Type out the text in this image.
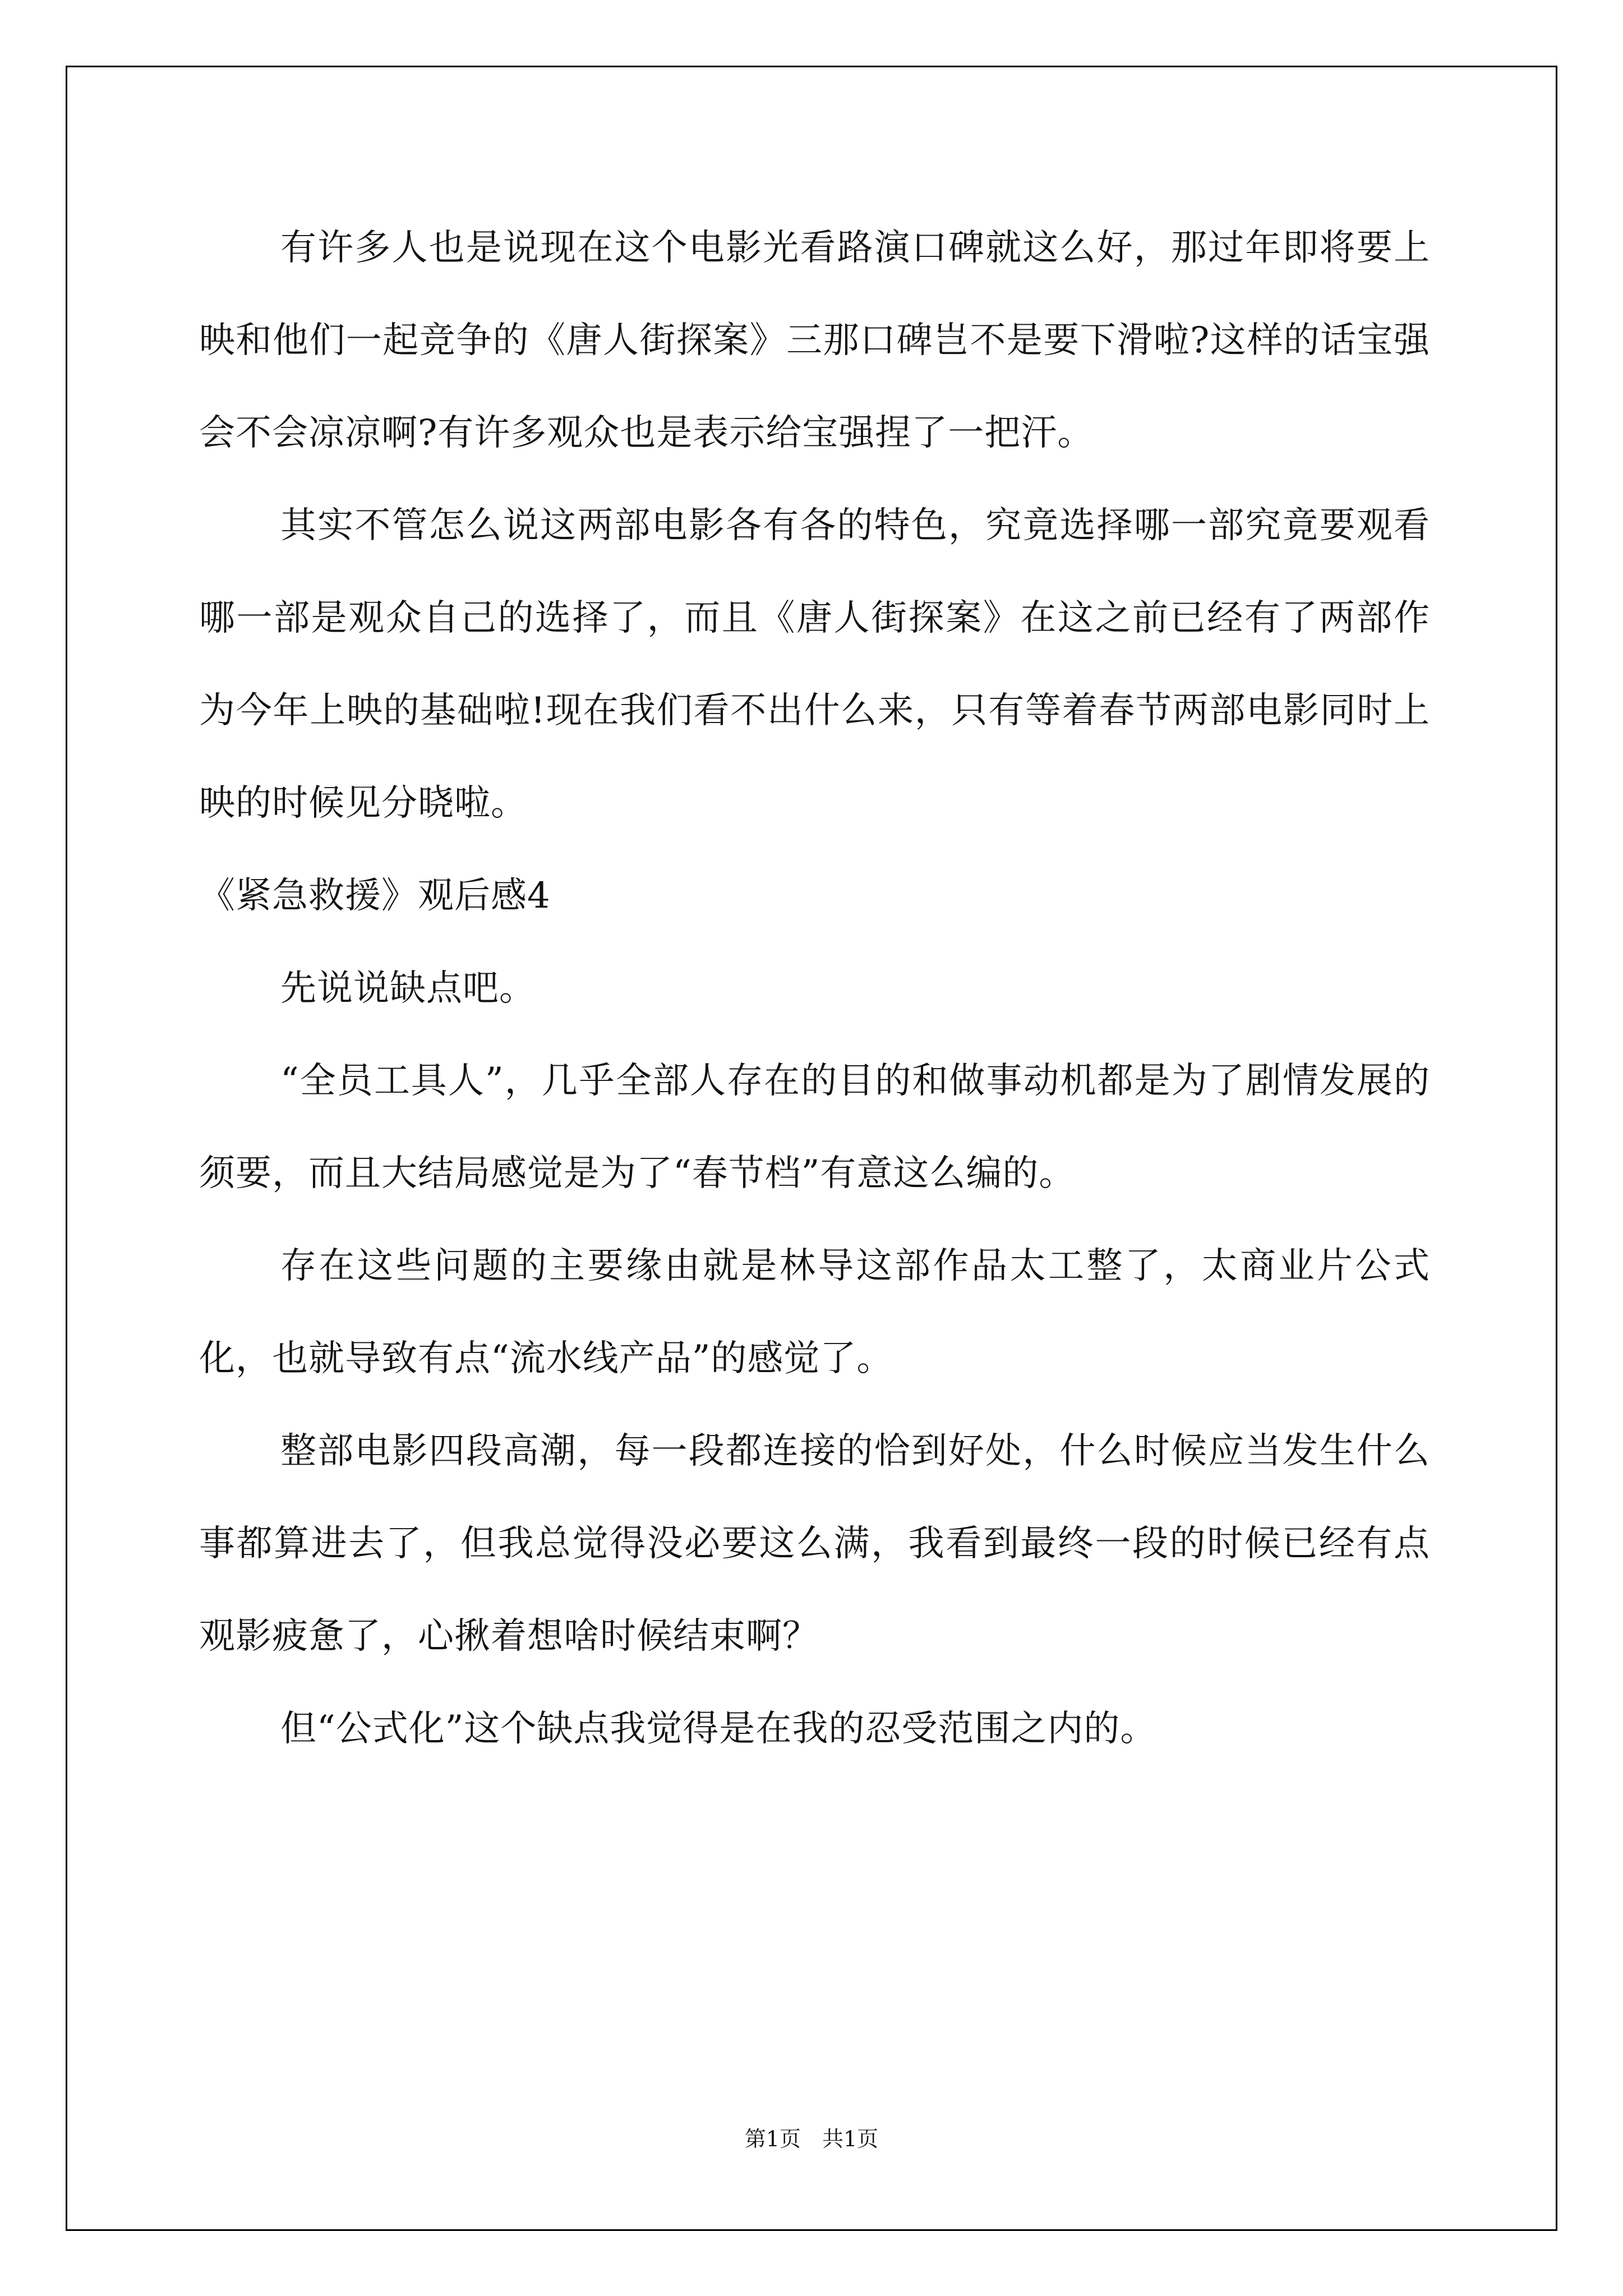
有许多人也是说现在这个电影光看路演口碑就这么好，那过年即将要上映和他们一起竞争的《唐人街探案》三那口碑岂不是要下滑啦?这样的话宝强会不会凉凉啊?有许多观众也是表示给宝强捏了一把汗。

其实不管怎么说这两部电影各有各的特色，究竟选择哪一部究竟要观看哪一部是观众自己的选择了，而且《唐人街探案》在这之前已经有了两部作为今年上映的基础啦!现在我们看不出什么来，只有等着春节两部电影同时上映的时候见分晓啦。

《紧急救援》观后感4

先说说缺点吧。

“全员工具人”，几乎全部人存在的目的和做事动机都是为了剧情发展的须要，而且大结局感觉是为了“春节档”有意这么编的。

存在这些问题的主要缘由就是林导这部作品太工整了，太商业片公式化，也就导致有点“流水线产品”的感觉了。

整部电影四段高潮，每一段都连接的恰到好处，什么时候应当发生什么事都算进去了，但我总觉得没必要这么满，我看到最终一段的时候已经有点观影疲惫了，心揪着想啥时候结束啊？

但“公式化”这个缺点我觉得是在我的忍受范围之内的。

第1页　共1页
